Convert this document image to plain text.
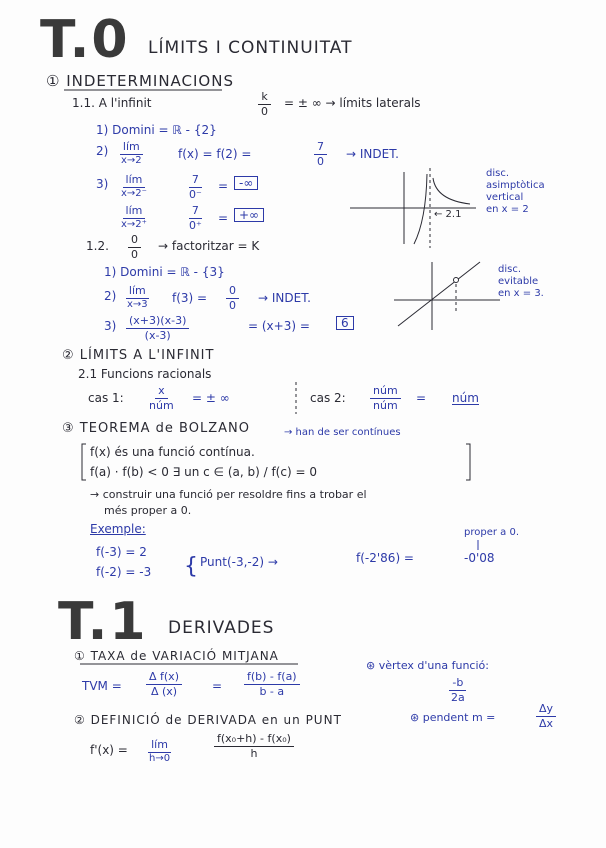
T.0 LÍMITS I CONTINUITAT
① INDETERMINACIONS
1.1. A l'infinit	$\frac{k}{0}$ = ± ∞ → límits laterals
1) Domini = ℝ - {2}
2) lím
x→2	f(x) = f(2) =	$\frac{7}{0}$ → INDET.
3) lím
x→2⁻	$\frac{7}{0^-}$ = -∞
lím
x→2⁺	$\frac{7}{0^+}$ = +∞
disc.
asimptòtica
vertical
en x = 2
← 2.1
1.2. $\frac{0}{0}$ → factoritzar = K
1) Domini = ℝ - {3}
2) lím
x→3 $f(3) = \frac{0}{0}$ → INDET.
$3) \frac{(x+3)(x-3)}{(x-3)}$	= (x+3) =	6
disc.
evitable
en x = 3.
② LÍMITS A L'INFINIT
2.1 Funcions racionals
cas 1:
x
núm
= ± ∞	cas 2:
núm
núm
= núm
③ TEOREMA de BOLZANO	→ han de ser contínues
f(x) és una funció contínua.
f(a) · f(b) < 0 ∃ un c ∈ (a, b) / f(c) = 0
→ construir una funció per resoldre fins a trobar el
més proper a 0.
Exemple:
f(-3) = 2
f(-2) = -3 { Punt(-3,-2) →	f(-2'86) =	-0'08
proper a 0.
T.1 DERIVADES
① TAXA de VARIACIÓ MITJANA
TVM = $\frac{\text{Δ f(x)}}{\Delta (x)}$	= $\frac{f(b) - f(a)}{b - a}$
⊛ vèrtex d'una funció:
$\frac{-b}{2a}$
② DEFINICIÓ de DERIVADA en un PUNT
f'(x) = lím
h→0	$\frac{\text{f(x₀+h) - f(x₀)}}{h}$
⊛ pendent m =	$\frac{\Delta y}{\Delta x}$
